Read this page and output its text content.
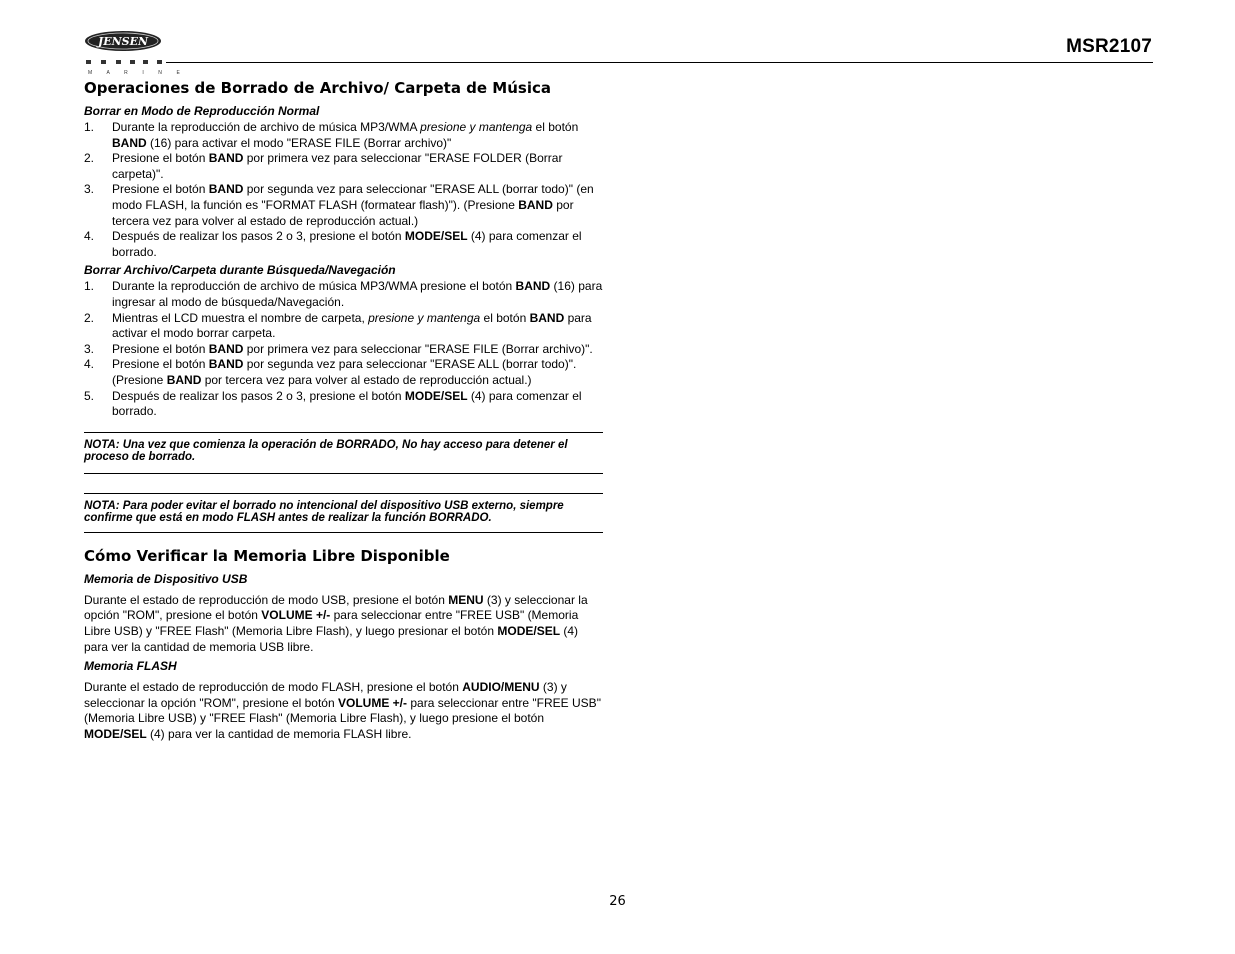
JENSEN
M A R I N E
MSR2107
Operaciones de Borrado de Archivo/ Carpeta de Música
Borrar en Modo de Reproducción Normal
1. Durante la reproducción de archivo de música MP3/WMA presione y mantenga el botón BAND (16) para activar el modo "ERASE FILE (Borrar archivo)"
2. Presione el botón BAND por primera vez para seleccionar "ERASE FOLDER (Borrar carpeta)".
3. Presione el botón BAND por segunda vez para seleccionar "ERASE ALL (borrar todo)" (en modo FLASH, la función es "FORMAT FLASH (formatear flash)"). (Presione BAND por tercera vez para volver al estado de reproducción actual.)
4. Después de realizar los pasos 2 o 3, presione el botón MODE/SEL (4) para comenzar el borrado.
Borrar Archivo/Carpeta durante Búsqueda/Navegación
1. Durante la reproducción de archivo de música MP3/WMA presione el botón BAND (16) para ingresar al modo de búsqueda/Navegación.
2. Mientras el LCD muestra el nombre de carpeta, presione y mantenga el botón BAND para activar el modo borrar carpeta.
3. Presione el botón BAND por primera vez para seleccionar "ERASE FILE (Borrar archivo)".
4. Presione el botón BAND por segunda vez para seleccionar "ERASE ALL (borrar todo)". (Presione BAND por tercera vez para volver al estado de reproducción actual.)
5. Después de realizar los pasos 2 o 3, presione el botón MODE/SEL (4) para comenzar el borrado.
NOTA: Una vez que comienza la operación de BORRADO, No hay acceso para detener el proceso de borrado.
NOTA: Para poder evitar el borrado no intencional del dispositivo USB externo, siempre confirme que está en modo FLASH antes de realizar la función BORRADO.
Cómo Verificar la Memoria Libre Disponible
Memoria de Dispositivo USB

Durante el estado de reproducción de modo USB, presione el botón MENU (3) y seleccionar la opción "ROM", presione el botón VOLUME +/- para seleccionar entre "FREE USB" (Memoria Libre USB) y "FREE Flash" (Memoria Libre Flash), y luego presionar el botón MODE/SEL (4) para ver la cantidad de memoria USB libre.

Memoria FLASH

Durante el estado de reproducción de modo FLASH, presione el botón AUDIO/MENU (3) y seleccionar la opción "ROM", presione el botón VOLUME +/- para seleccionar entre "FREE USB" (Memoria Libre USB) y "FREE Flash" (Memoria Libre Flash), y luego presione el botón MODE/SEL (4) para ver la cantidad de memoria FLASH libre.

26
